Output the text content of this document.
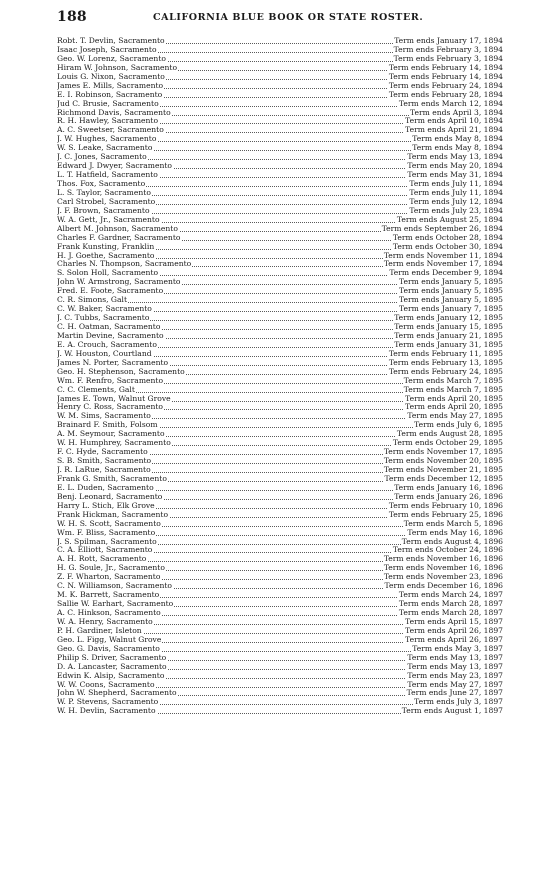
188	CALIFORNIA BLUE BOOK OR STATE ROSTER.
Robt. T. Devlin, Sacramento	Term ends January 17, 1894
Isaac Joseph, Sacramento	Term ends February 3, 1894
Geo. W. Lorenz, Sacramento	Term ends February 3, 1894
Hiram W. Johnson, Sacramento	Term ends February 14, 1894
Louis G. Nixon, Sacramento	Term ends February 14, 1894
James E. Mills, Sacramento	Term ends February 24, 1894
E. I. Robinson, Sacramento	Term ends February 28, 1894
Jud C. Brusie, Sacramento	Term ends March 12, 1894
Richmond Davis, Sacramento	Term ends April 3, 1894
R. H. Hawley, Sacramento	Term ends April 10, 1894
A. C. Sweetser, Sacramento	Term ends April 21, 1894
J. W. Hughes, Sacramento	Term ends May 8, 1894
W. S. Leake, Sacramento	Term ends May 8, 1894
J. C. Jones, Sacramento	Term ends May 13, 1894
Edward J. Dwyer, Sacramento	Term ends May 20, 1894
L. T. Hatfield, Sacramento	Term ends May 31, 1894
Thos. Fox, Sacramento	Term ends July 11, 1894
L. S. Taylor, Sacramento	Term ends July 11, 1894
Carl Strobel, Sacramento	Term ends July 12, 1894
J. F. Brown, Sacramento	Term ends July 23, 1894
W. A. Gett, Jr., Sacramento	Term ends August 25, 1894
Albert M. Johnson, Sacramento	Term ends September 26, 1894
Charles F. Gardner, Sacramento	Term ends October 28, 1894
Frank Kunsting, Franklin	Term ends October 30, 1894
H. J. Goethe, Sacramento	Term ends November 11, 1894
Charles N. Thompson, Sacramento	Term ends November 17, 1894
S. Solon Holl, Sacramento	Term ends December 9, 1894
John W. Armstrong, Sacramento	Term ends January 5, 1895
Fred. E. Foote, Sacramento	Term ends January 5, 1895
C. R. Simons, Galt	Term ends January 5, 1895
C. W. Baker, Sacramento	Term ends January 7, 1895
J. C. Tubbs, Sacramento	Term ends January 12, 1895
C. H. Oatman, Sacramento	Term ends January 15, 1895
Martin Devine, Sacramento	Term ends January 21, 1895
E. A. Crouch, Sacramento	Term ends January 31, 1895
J. W. Houston, Courtland	Term ends February 11, 1895
James N. Porter, Sacramento	Term ends February 13, 1895
Geo. H. Stephenson, Sacramento	Term ends February 24, 1895
Wm. F. Renfro, Sacramento	Term ends March 7, 1895
C. C. Clements, Galt	Term ends March 7, 1895
James E. Town, Walnut Grove	Term ends April 20, 1895
Henry C. Ross, Sacramento	Term ends April 20, 1895
W. M. Sims, Sacramento	Term ends May 27, 1895
Brainard F. Smith, Folsom	Term ends July 6, 1895
A. M. Seymour, Sacramento	Term ends August 28, 1895
W. H. Humphrey, Sacramento	Term ends October 29, 1895
F. C. Hyde, Sacramento	Term ends November 17, 1895
S. B. Smith, Sacramento	Term ends November 20, 1895
J. R. LaRue, Sacramento	Term ends November 21, 1895
Frank G. Smith, Sacramento	Term ends December 12, 1895
E. L. Duden, Sacramento	Term ends January 16, 1896
Benj. Leonard, Sacramento	Term ends January 26, 1896
Harry L. Stich, Elk Grove	Term ends February 10, 1896
Frank Hickman, Sacramento	Term ends February 25, 1896
W. H. S. Scott, Sacramento	Term ends March 5, 1896
Wm. F. Bliss, Sacramento	Term ends May 16, 1896
J. S. Spilman, Sacramento	Term ends August 4, 1896
C. A. Elliott, Sacramento	Term ends October 24, 1896
A. H. Rott, Sacramento	Term ends November 16, 1896
H. G. Soule, Jr., Sacramento	Term ends November 16, 1896
Z. F. Wharton, Sacramento	Term ends November 23, 1896
C. N. Williamson, Sacramento	Term ends December 16, 1896
M. K. Barrett, Sacramento	Term ends March 24, 1897
Sallie W. Earhart, Sacramento	Term ends March 28, 1897
A. C. Hinkson, Sacramento	Term ends March 28, 1897
W. A. Henry, Sacramento	Term ends April 15, 1897
P. H. Gardiner, Isleton	Term ends April 26, 1897
Geo. L. Figg, Walnut Grove	Term ends April 26, 1897
Geo. G. Davis, Sacramento	Term ends May 3, 1897
Philip S. Driver, Sacramento	Term ends May 13, 1897
D. A. Lancaster, Sacramento	Term ends May 13, 1897
Edwin K. Alsip, Sacramento	Term ends May 23, 1897
W. W. Coons, Sacramento	Term ends May 27, 1897
John W. Shepherd, Sacramento	Term ends June 27, 1897
W. P. Stevens, Sacramento	Term ends July 3, 1897
W. H. Devlin, Sacramento	Term ends August 1, 1897
